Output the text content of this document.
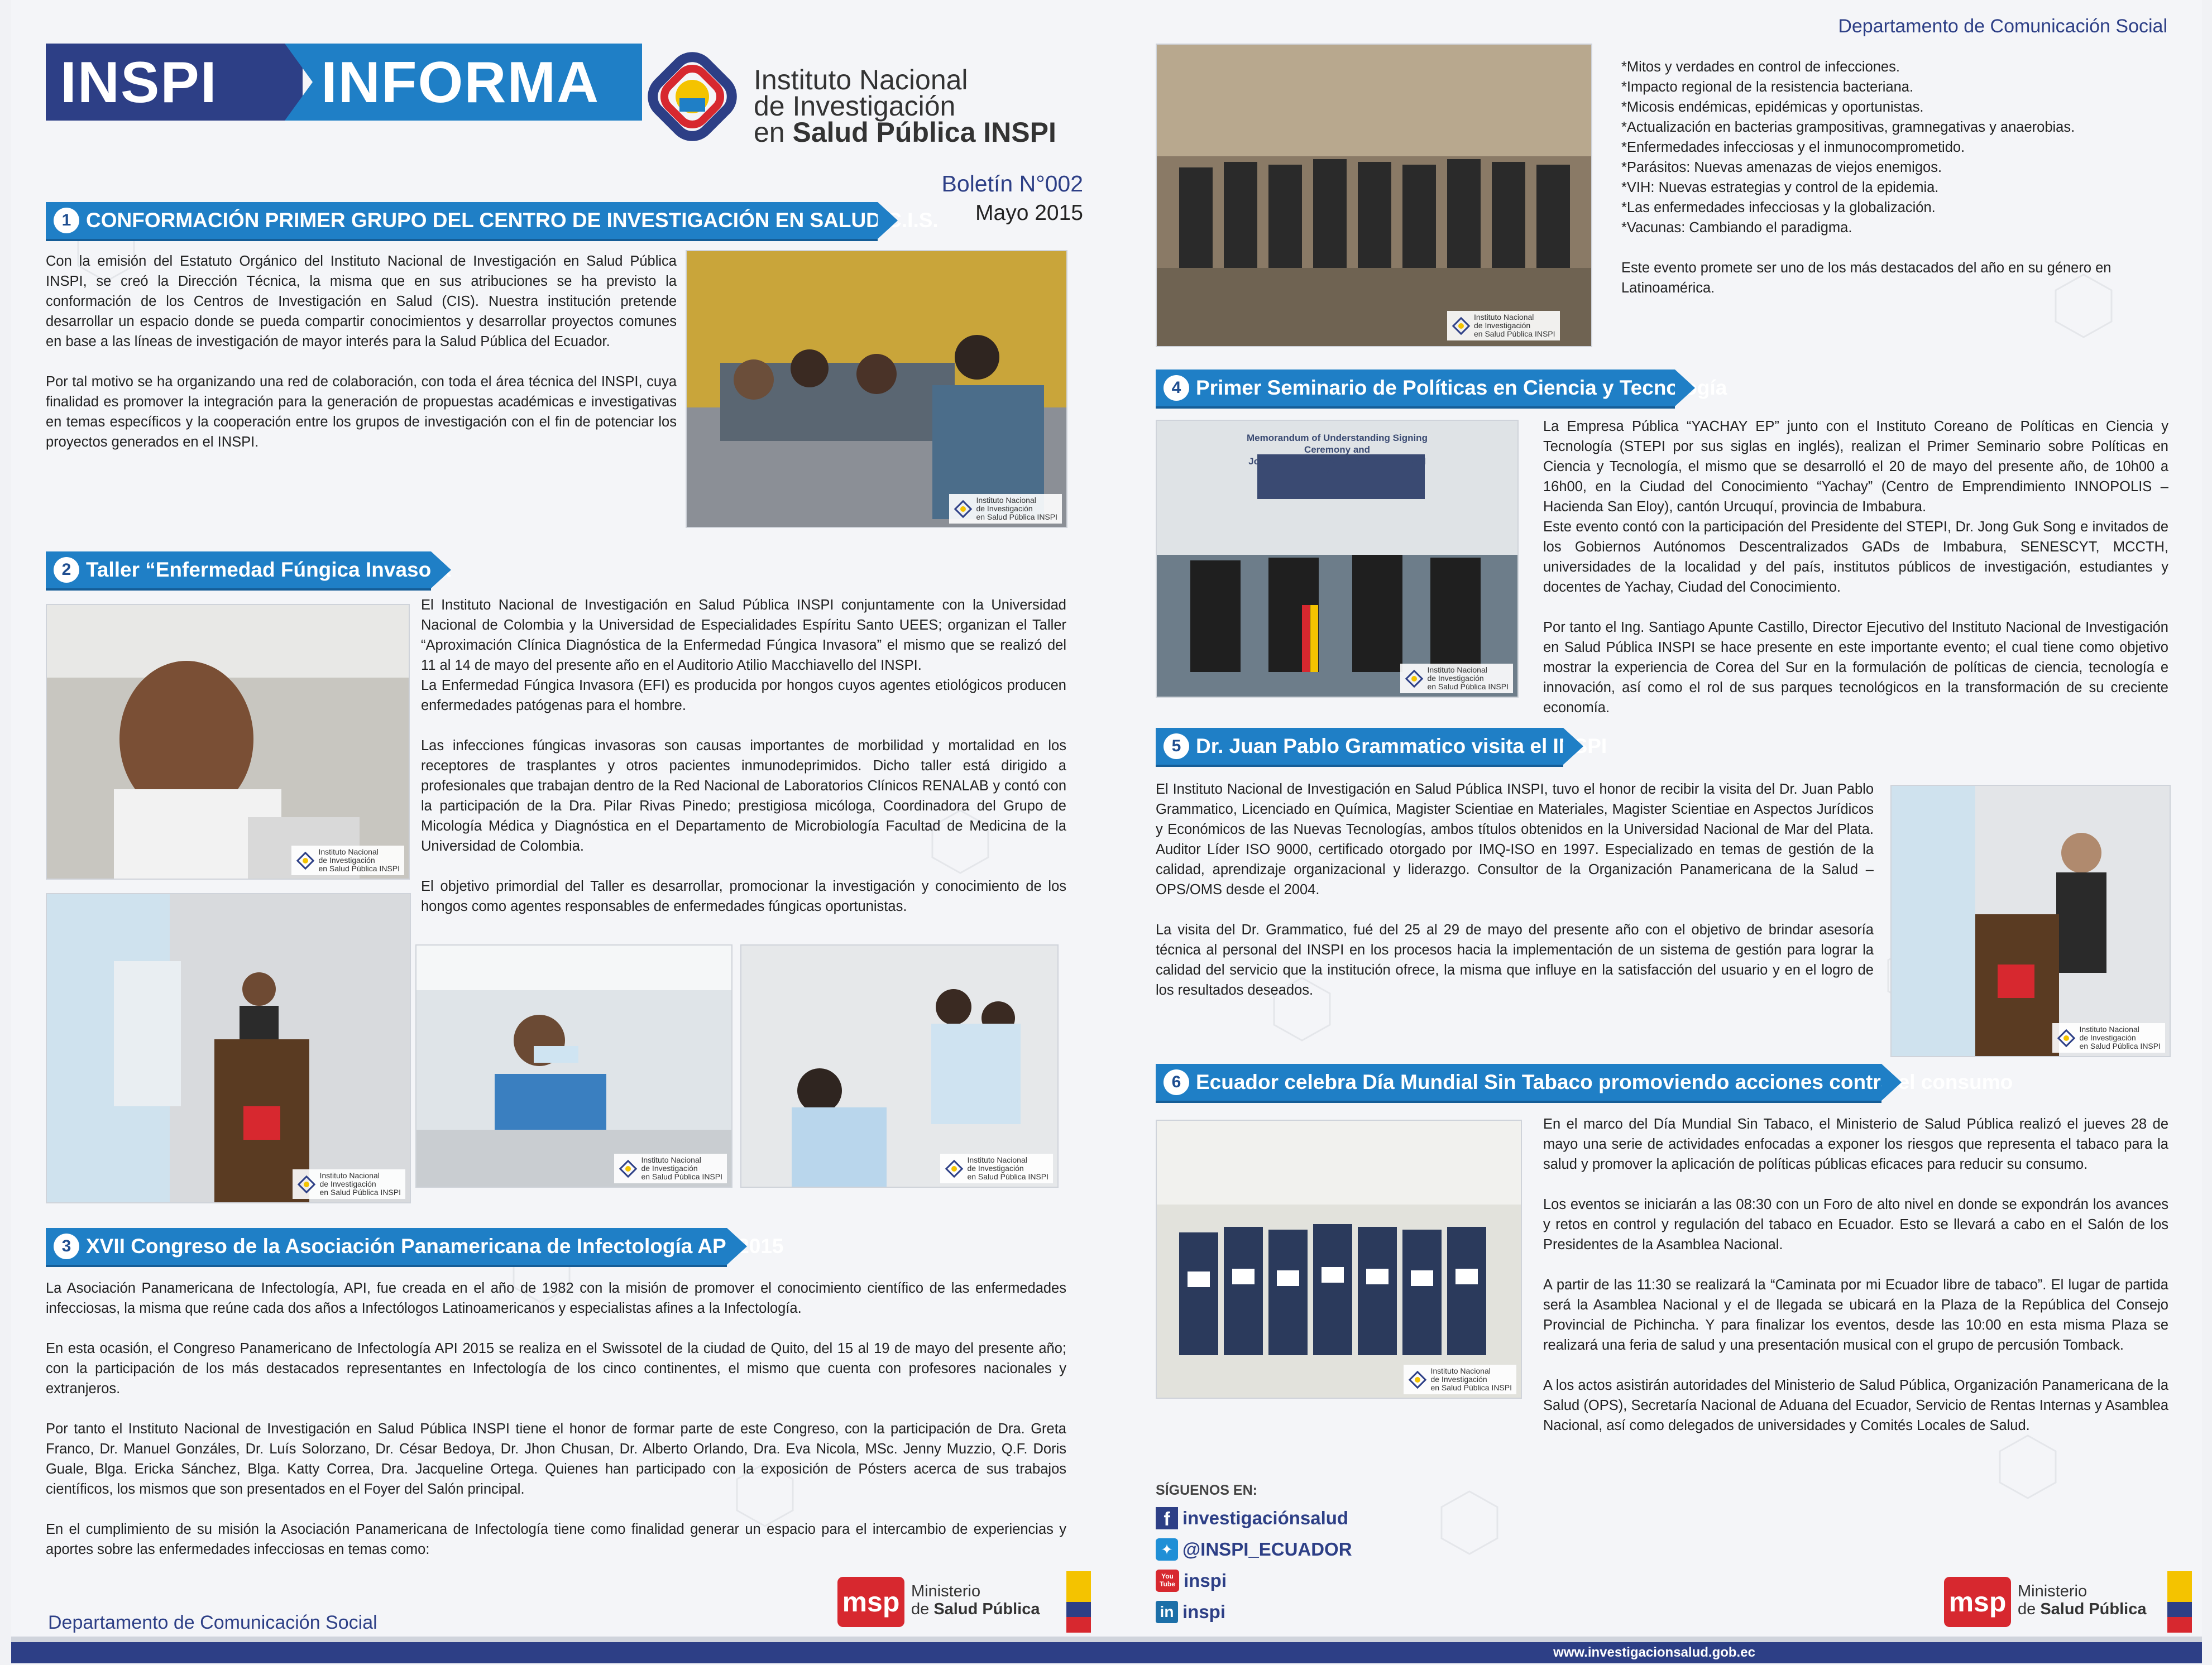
INSPI INFORMA	Instituto Nacional
de Investigación
en Salud Pública INSPI
Boletín N°002
Mayo 2015
1 CONFORMACIÓN PRIMER GRUPO DEL CENTRO DE INVESTIGACIÓN EN SALUD C.I.S.

Con la emisión del Estatuto Orgánico del Instituto Nacional de Investigación en Salud Pública INSPI, se creó la Dirección Técnica, la misma que en sus atribuciones se ha previsto la conformación de los Centros de Investigación en Salud (CIS). Nuestra institución pretende desarrollar un espacio donde se pueda compartir conocimientos y desarrollar proyectos comunes en base a las líneas de investigación de mayor interés para la Salud Pública del Ecuador.

Por tal motivo se ha organizando una red de colaboración, con toda el área técnica del INSPI, cuya finalidad es promover la integración para la generación de propuestas académicas e investigativas en temas específicos y la cooperación entre los grupos de investigación con el fin de potenciar los proyectos generados en el INSPI.

Instituto Nacional
de Investigación
en Salud Pública INSPI
2 Taller “Enfermedad Fúngica Invasora
Instituto Nacional
de Investigación
en Salud Pública INSPI

El Instituto Nacional de Investigación en Salud Pública INSPI conjuntamente con la Universidad Nacional de Colombia y la Universidad de Especialidades Espíritu Santo UEES; organizan el Taller “Aproximación Clínica Diagnóstica de la Enfermedad Fúngica Invasora” el mismo que se realizó del 11 al 14 de mayo del presente año en el Auditorio Atilio Macchiavello del INSPI.

La Enfermedad Fúngica Invasora (EFI) es producida por hongos cuyos agentes etiológicos producen enfermedades patógenas para el hombre.

Las infecciones fúngicas invasoras son causas importantes de morbilidad y mortalidad en los receptores de trasplantes y otros pacientes inmunodeprimidos. Dicho taller está dirigido a profesionales que trabajan dentro de la Red Nacional de Laboratorios Clínicos RENALAB y contó con la participación de la Dra. Pilar Rivas Pinedo; prestigiosa micóloga, Coordinadora del Grupo de Micología Médica y Diagnóstica en el Departamento de Microbiología Facultad de Medicina de la Universidad de Colombia.

El objetivo primordial del Taller es desarrollar, promocionar la investigación y conocimiento de los hongos como agentes responsables de enfermedades fúngicas oportunistas.

Instituto Nacional
de Investigación
en Salud Pública INSPI
Instituto Nacional
de Investigación
en Salud Pública INSPI
Instituto Nacional
de Investigación
en Salud Pública INSPI
3 XVII Congreso de la Asociación Panamericana de Infectología API 2015

La Asociación Panamericana de Infectología, API, fue creada en el año de 1982 con la misión de promover el conocimiento científico de las enfermedades infecciosas, la misma que reúne cada dos años a Infectólogos Latinoamericanos y especialistas afines a la Infectología.

En esta ocasión, el Congreso Panamericano de Infectología API 2015 se realiza en el Swissotel de la ciudad de Quito, del 15 al 19 de mayo del presente año; con la participación de los más destacados representantes en Infectología de los cinco continentes, el mismo que cuenta con profesores nacionales y extranjeros.

Por tanto el Instituto Nacional de Investigación en Salud Pública INSPI tiene el honor de formar parte de este Congreso, con la participación de Dra. Greta Franco, Dr. Manuel Gonzáles, Dr. Luís Solorzano, Dr. César Bedoya, Dr. Jhon Chusan, Dr. Alberto Orlando, Dra. Eva Nicola, MSc. Jenny Muzzio, Q.F. Doris Guale, Blga. Ericka Sánchez, Blga. Katty Correa, Dra. Jacqueline Ortega. Quienes han participado con la exposición de Pósters acerca de sus trabajos científicos, los mismos que son presentados en el Foyer del Salón principal.

En el cumplimiento de su misión la Asociación Panamericana de Infectología tiene como finalidad generar un espacio para el intercambio de experiencias y aportes sobre las enfermedades infecciosas en temas como:

Departamento de Comunicación Social
msp Ministerio
de Salud Pública
Departamento de Comunicación Social
Instituto Nacional
de Investigación
en Salud Pública INSPI
*Mitos y verdades en control de infecciones.
*Impacto regional de la resistencia bacteriana.
*Micosis endémicas, epidémicas y oportunistas.
*Actualización en bacterias grampositivas, gramnegativas y anaerobias.
*Enfermedades infecciosas y el inmunocomprometido.
*Parásitos: Nuevas amenazas de viejos enemigos.
*VIH: Nuevas estrategias y control de la epidemia.
*Las enfermedades infecciosas y la globalización.
*Vacunas: Cambiando el paradigma.
Este evento promete ser uno de los más destacados del año en su género en Latinoamérica.
4 Primer Seminario de Políticas en Ciencia y Tecnología
Memorandum of Understanding Signing Ceremony and
Joint Seminar between Yachay E.P. and STEPI
Instituto Nacional
de Investigación
en Salud Pública INSPI

La Empresa Pública “YACHAY EP” junto con el Instituto Coreano de Políticas en Ciencia y Tecnología (STEPI por sus siglas en inglés), realizan el Primer Seminario sobre Políticas en Ciencia y Tecnología, el mismo que se desarrolló el 20 de mayo del presente año, de 10h00 a 16h00, en la Ciudad del Conocimiento “Yachay” (Centro de Emprendimiento INNOPOLIS – Hacienda San Eloy), cantón Urcuquí, provincia de Imbabura.

Este evento contó con la participación del Presidente del STEPI, Dr. Jong Guk Song e invitados de los Gobiernos Autónomos Descentralizados GADs de Imbabura, SENESCYT, MCCTH, universidades de la localidad y del país, institutos públicos de investigación, estudiantes y docentes de Yachay, Ciudad del Conocimiento.

Por tanto el Ing. Santiago Apunte Castillo, Director Ejecutivo del Instituto Nacional de Investigación en Salud Pública INSPI se hace presente en este importante evento; el cual tiene como objetivo mostrar la experiencia de Corea del Sur en la formulación de políticas de ciencia, tecnología e innovación, así como el rol de sus parques tecnológicos en la transformación de su creciente economía.

5 Dr. Juan Pablo Grammatico visita el INSPI

El Instituto Nacional de Investigación en Salud Pública INSPI, tuvo el honor de recibir la visita del Dr. Juan Pablo Grammatico, Licenciado en Química, Magister Scientiae en Materiales, Magister Scientiae en Aspectos Jurídicos y Económicos de las Nuevas Tecnologías, ambos títulos obtenidos en la Universidad Nacional de Mar del Plata. Auditor Líder ISO 9000, certificado otorgado por IMQ-ISO en 1997. Especializado en temas de gestión de la calidad, aprendizaje organizacional y liderazgo. Consultor de la Organización Panamericana de la Salud – OPS/OMS desde el 2004.

La visita del Dr. Grammatico, fué del 25 al 29 de mayo del presente año con el objetivo de brindar asesoría técnica al personal del INSPI en los procesos hacia la implementación de un sistema de gestión para lograr la calidad del servicio que la institución ofrece, la misma que influye en la satisfacción del usuario y en el logro de los resultados deseados.

Instituto Nacional
de Investigación
en Salud Pública INSPI
6 Ecuador celebra Día Mundial Sin Tabaco promoviendo acciones contra el consumo
Instituto Nacional
de Investigación
en Salud Pública INSPI

En el marco del Día Mundial Sin Tabaco, el Ministerio de Salud Pública realizó el jueves 28 de mayo una serie de actividades enfocadas a exponer los riesgos que representa el tabaco para la salud y promover la aplicación de políticas públicas eficaces para reducir su consumo.

Los eventos se iniciarán a las 08:30 con un Foro de alto nivel en donde se expondrán los avances y retos en control y regulación del tabaco en Ecuador. Esto se llevará a cabo en el Salón de los Presidentes de la Asamblea Nacional.

A partir de las 11:30 se realizará la “Caminata por mi Ecuador libre de tabaco”. El lugar de partida será la Asamblea Nacional y el de llegada se ubicará en la Plaza de la República del Consejo Provincial de Pichincha. Y para finalizar los eventos, desde las 10:00 en esta misma Plaza se realizará una feria de salud y una presentación musical con el grupo de percusión Tomback.

A los actos asistirán autoridades del Ministerio de Salud Pública, Organización Panamericana de la Salud (OPS), Secretaría Nacional de Aduana del Ecuador, Servicio de Rentas Internas y Asamblea Nacional, así como delegados de universidades y Comités Locales de Salud.

SÍGUENOS EN:
f investigaciónsalud
✦ @INSPI_ECUADOR
You Tube inspi
in inspi	msp Ministerio
de Salud Pública
www.investigacionsalud.gob.ec
